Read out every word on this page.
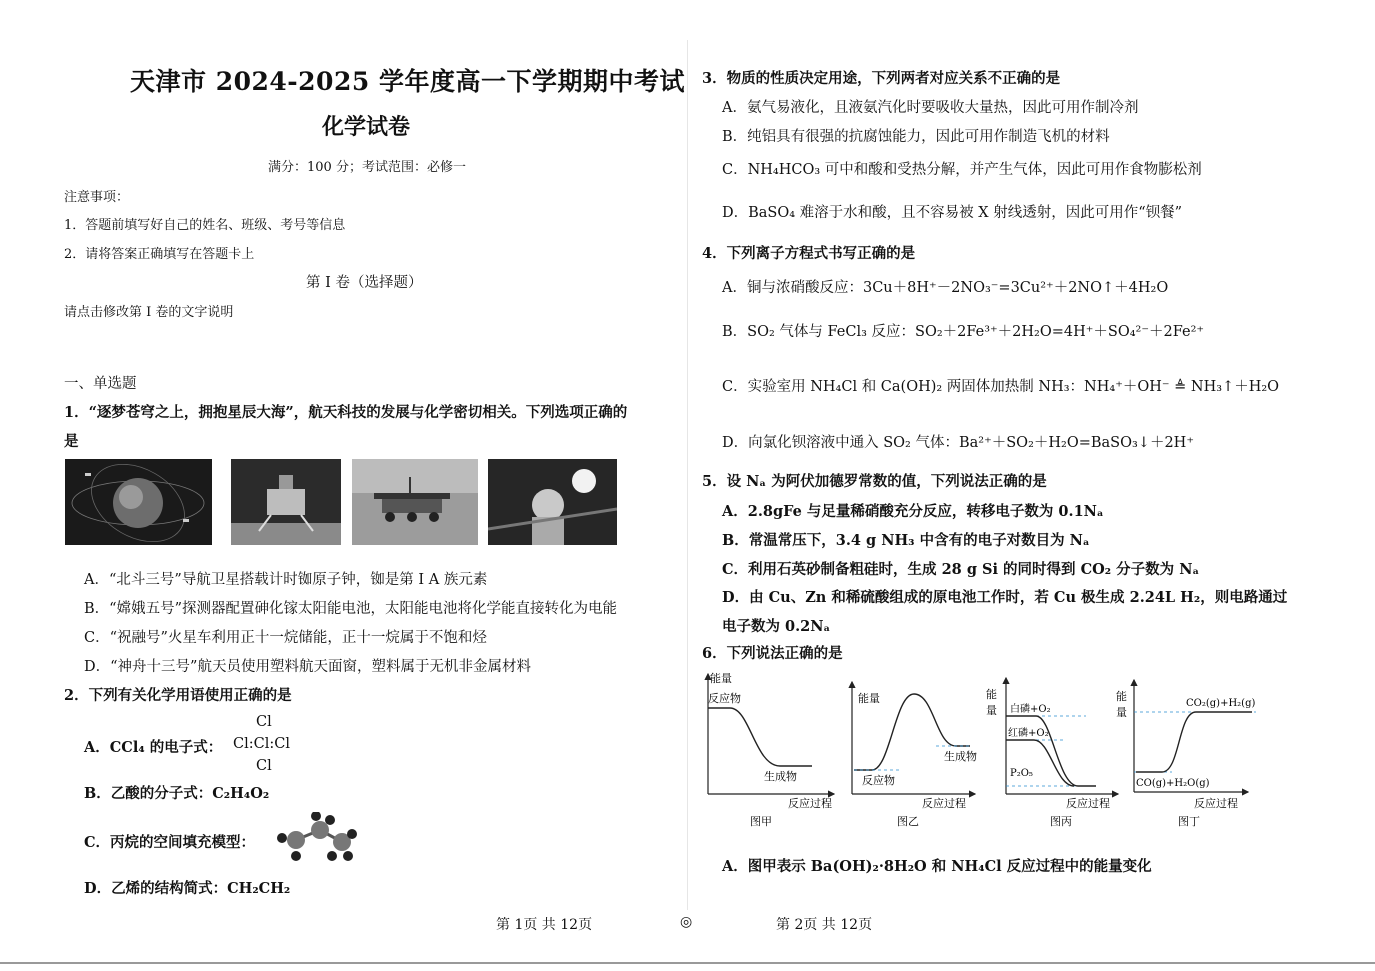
天津市 2024-2025 学年度高一下学期期中考试
化学试卷
满分：100 分；考试范围：必修一
注意事项：
1．答题前填写好自己的姓名、班级、考号等信息
2．请将答案正确填写在答题卡上
第 I 卷（选择题）
请点击修改第 I 卷的文字说明
一、单选题
1．“逐梦苍穹之上，拥抱星辰大海”，航天科技的发展与化学密切相关。下列选项正确的
是
A．“北斗三号”导航卫星搭载计时铷原子钟，铷是第 I A 族元素
B．“嫦娥五号”探测器配置砷化镓太阳能电池，太阳能电池将化学能直接转化为电能
C．“祝融号”火星车利用正十一烷储能，正十一烷属于不饱和烃
D．“神舟十三号”航天员使用塑料航天面窗，塑料属于无机非金属材料
2．下列有关化学用语使用正确的是
A．CCl₄ 的电子式：
Cl
Cl:Cl:Cl
Cl
B．乙酸的分子式：C₂H₄O₂
C．丙烷的空间填充模型：
D．乙烯的结构简式：CH₂CH₂
3．物质的性质决定用途，下列两者对应关系不正确的是
A．氨气易液化，且液氨汽化时要吸收大量热，因此可用作制冷剂
B．纯铝具有很强的抗腐蚀能力，因此可用作制造飞机的材料
C．NH₄HCO₃ 可中和酸和受热分解，并产生气体，因此可用作食物膨松剂
D．BaSO₄ 难溶于水和酸，且不容易被 X 射线透射，因此可用作“钡餐”
4．下列离子方程式书写正确的是
A．铜与浓硝酸反应：3Cu＋8H⁺－2NO₃⁻=3Cu²⁺＋2NO↑＋4H₂O
B．SO₂ 气体与 FeCl₃ 反应：SO₂＋2Fe³⁺＋2H₂O=4H⁺＋SO₄²⁻＋2Fe²⁺
C．实验室用 NH₄Cl 和 Ca(OH)₂ 两固体加热制 NH₃：NH₄⁺＋OH⁻ ≜ NH₃↑＋H₂O
D．向氯化钡溶液中通入 SO₂ 气体：Ba²⁺＋SO₂＋H₂O=BaSO₃↓＋2H⁺
5．设 Nₐ 为阿伏加德罗常数的值，下列说法正确的是
A．2.8gFe 与足量稀硝酸充分反应，转移电子数为 0.1Nₐ
B．常温常压下，3.4 g NH₃ 中含有的电子对数目为 Nₐ
C．利用石英砂制备粗硅时，生成 28 g Si 的同时得到 CO₂ 分子数为 Nₐ
D．由 Cu、Zn 和稀硫酸组成的原电池工作时，若 Cu 极生成 2.24L H₂，则电路通过
电子数为 0.2Nₐ
6．下列说法正确的是
能量
反应物
生成物
反应过程
图甲
能量
反应物
生成物
反应过程
图乙
能
量 白磷+O₂
红磷+O₂
P₂O₅
反应过程
图丙
能
量
CO₂(g)+H₂(g)
CO(g)+H₂O(g)
反应过程
图丁
A．图甲表示 Ba(OH)₂·8H₂O 和 NH₄Cl 反应过程中的能量变化
第 1页 共 12页	◎	第 2页 共 12页
